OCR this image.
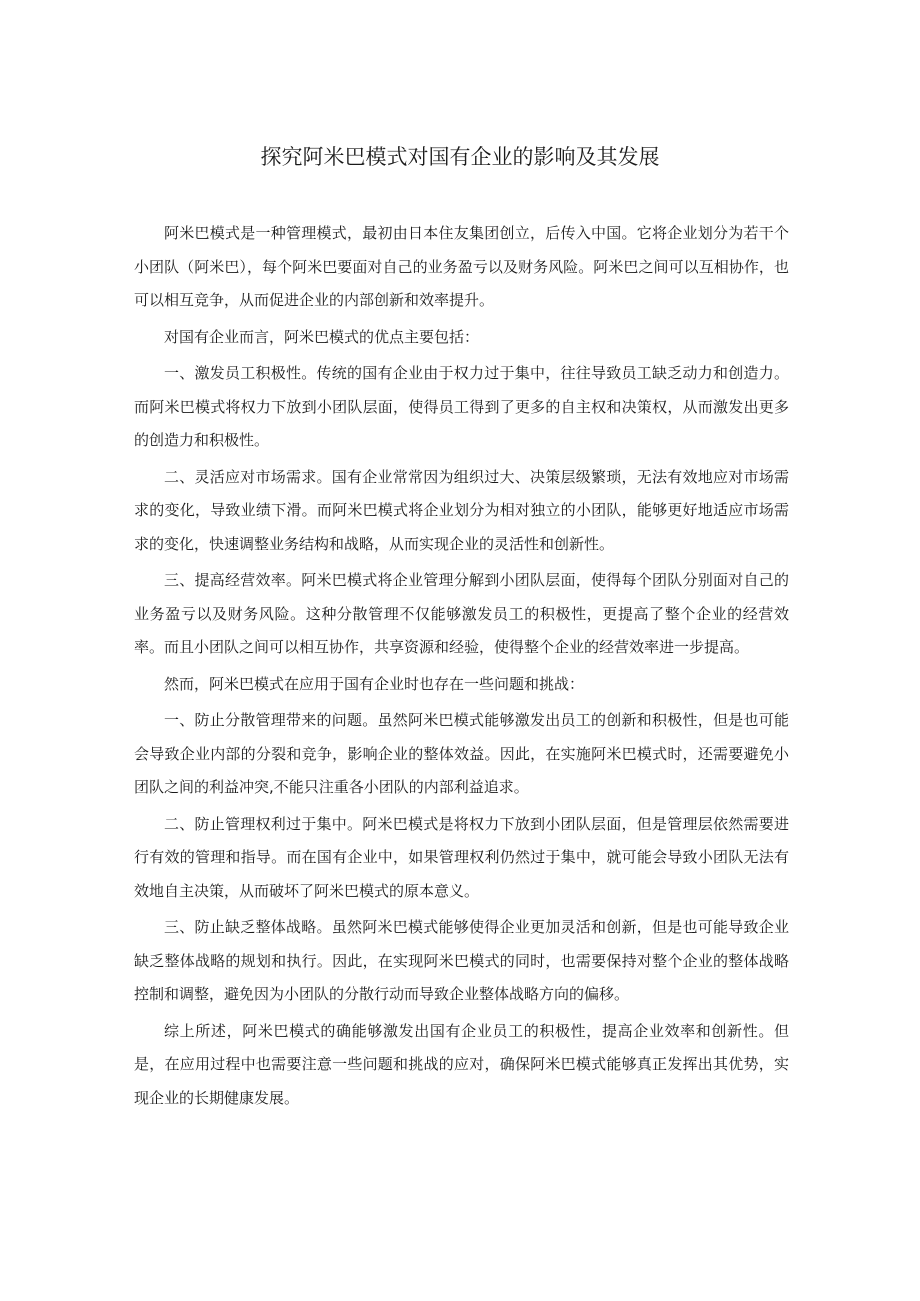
探究阿米巴模式对国有企业的影响及其发展

阿米巴模式是一种管理模式，最初由日本住友集团创立，后传入中国。它将企业划分为若干个小团队（阿米巴），每个阿米巴要面对自己的业务盈亏以及财务风险。阿米巴之间可以互相协作，也可以相互竞争，从而促进企业的内部创新和效率提升。

对国有企业而言，阿米巴模式的优点主要包括：

一、激发员工积极性。传统的国有企业由于权力过于集中，往往导致员工缺乏动力和创造力。而阿米巴模式将权力下放到小团队层面，使得员工得到了更多的自主权和决策权，从而激发出更多的创造力和积极性。

二、灵活应对市场需求。国有企业常常因为组织过大、决策层级繁琐，无法有效地应对市场需求的变化，导致业绩下滑。而阿米巴模式将企业划分为相对独立的小团队，能够更好地适应市场需求的变化，快速调整业务结构和战略，从而实现企业的灵活性和创新性。

三、提高经营效率。阿米巴模式将企业管理分解到小团队层面，使得每个团队分别面对自己的业务盈亏以及财务风险。这种分散管理不仅能够激发员工的积极性，更提高了整个企业的经营效率。而且小团队之间可以相互协作，共享资源和经验，使得整个企业的经营效率进一步提高。

然而，阿米巴模式在应用于国有企业时也存在一些问题和挑战：

一、防止分散管理带来的问题。虽然阿米巴模式能够激发出员工的创新和积极性，但是也可能会导致企业内部的分裂和竞争，影响企业的整体效益。因此，在实施阿米巴模式时，还需要避免小团队之间的利益冲突,不能只注重各小团队的内部利益追求。

二、防止管理权利过于集中。阿米巴模式是将权力下放到小团队层面，但是管理层依然需要进行有效的管理和指导。而在国有企业中，如果管理权利仍然过于集中，就可能会导致小团队无法有效地自主决策，从而破坏了阿米巴模式的原本意义。

三、防止缺乏整体战略。虽然阿米巴模式能够使得企业更加灵活和创新，但是也可能导致企业缺乏整体战略的规划和执行。因此，在实现阿米巴模式的同时，也需要保持对整个企业的整体战略控制和调整，避免因为小团队的分散行动而导致企业整体战略方向的偏移。

综上所述，阿米巴模式的确能够激发出国有企业员工的积极性，提高企业效率和创新性。但是，在应用过程中也需要注意一些问题和挑战的应对，确保阿米巴模式能够真正发挥出其优势，实现企业的长期健康发展。
